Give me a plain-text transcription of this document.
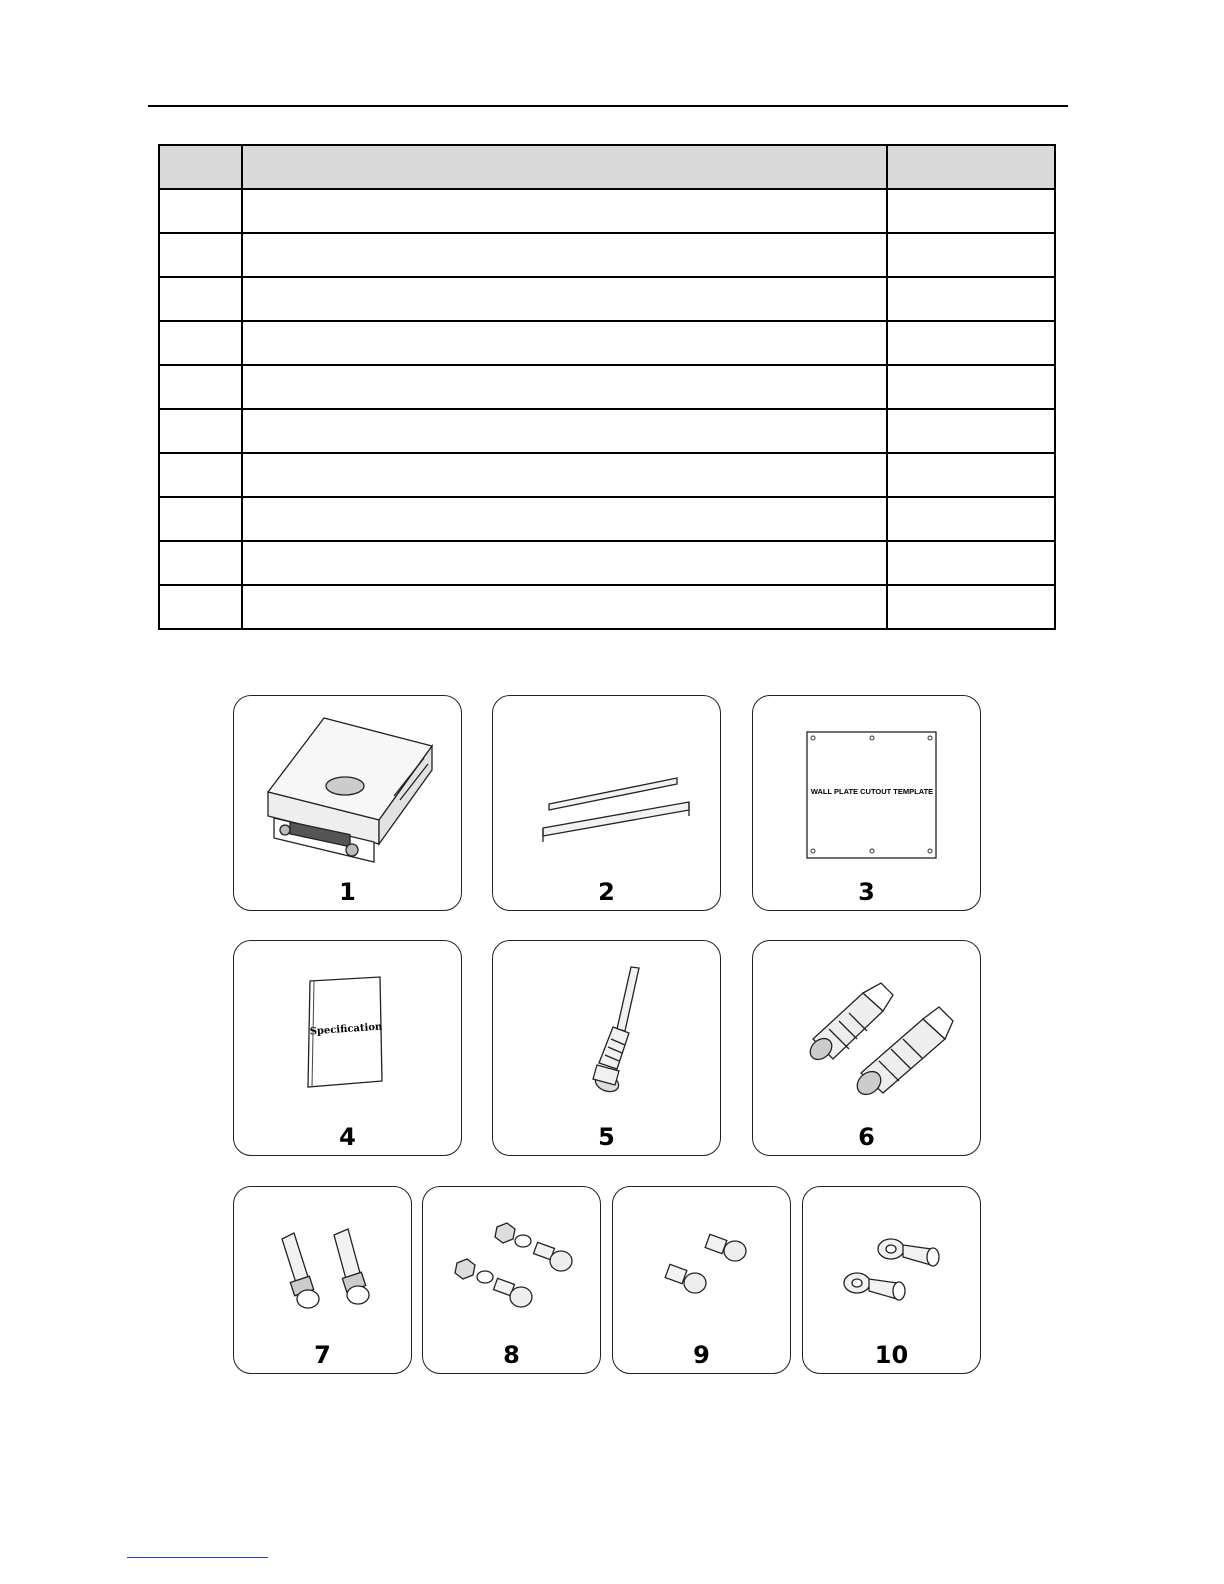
1	2
WALL PLATE CUTOUT TEMPLATE
3
Specification
4	5	6
7	8	9	10
